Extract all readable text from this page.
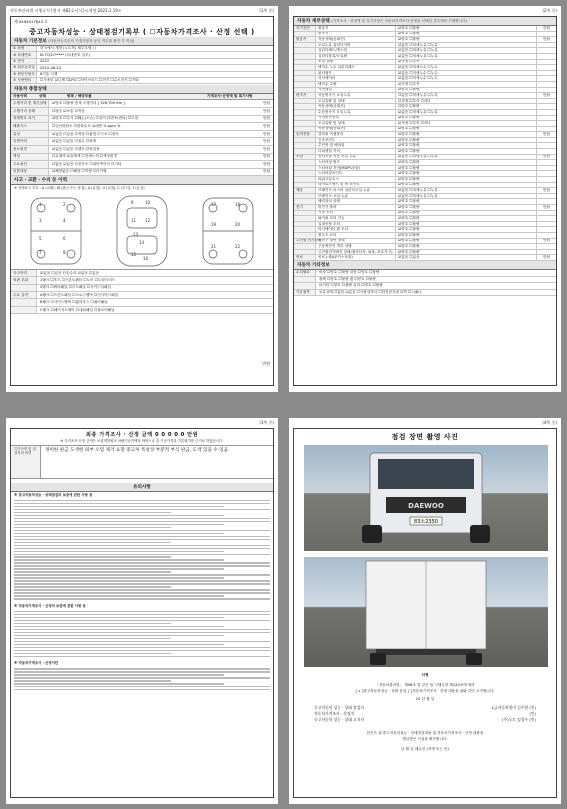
자동차관리법 시행규칙 [별지 제82호서식] <개정 2021.1.19>	(1쪽 중)
제 9494917843 호
중고자동차성능 · 상태점검기록부 ( ☐자동차가격조사 · 산정 선택 )
자동차 기본정보 (자동차등록증의 기재사항과 동일 여부를 확인 후 작성)
① 차명	한국에서 개발 (노트북) 세부모델 ( )
③ 차대번호	KL7CJ2C***** (차대번호 일부)
④ 연식	2012
⑤ 최초등록일	2012-08-23
⑥ 원동기형식	6기통 디젤
⑦ 사용연료	☐가솔린 ☑디젤 ☐LPG ☐하이브리드 ☐전기 ☐수소전기 ☐기타
자동차 종합상태
사용이력	상태	항목 / 해당부품	가격조사·산정액 및 특기사항
주행거리 및 계기상태	☑양호 ☐불량 현재 주행거리 [ 326,700 Km ]	만원
주행거리 상태	☐많음 ☑보통 ☐적음	만원
차대번호 표기	☑양호 ☐부식 ☐훼손(오손) ☐상이 ☐변조(변타) ☐도말	만원
배출가스	☐일산화탄소 ☐탄화수소 ☑매연 % ppm %	만원
튜닝	☑없음 ☐있음 ☐적법 ☐불법 ☐구조 ☐장치	만원
특별이력	☑없음 ☐있음 ☐침수 ☐화재	만원
용도변경	☑없음 ☐있음 ☐렌트 ☐영업용	만원
색상	☐무채색 ☑유채색 ☐전체도색 ☐색상변경	만원
주요옵션	☐없음 ☑있음 ☐선루프 ☐내비게이션 ☐기타	만원
리콜대상	☑해당없음 ☐해당 ☐이행 ☐미이행	만원
사고 · 교환 · 수리 등 이력
※ 상태표시 부호 : X (교환), W (판금 또는 용접), A (흠집), U (요철), C (부식), T (손상)
1	2
3	4
5	6
7	8
9	10
11 12
13
14
15
16
17	18
19	20
21	22
사고이력	☑없음 ☐있음 단순수리 ☑없음 ☐있음
외판 부위	1랭크 ☐후드 ☐프론트펜더 ☐도어 ☐트렁크리드
2랭크 ☐쿼터패널 ☐루프패널 ☐사이드실패널
주요 골격	A랭크 ☐프론트패널 ☐크로스멤버 ☐인사이드패널
B랭크 ☐사이드멤버 ☐휠하우스 ☐필러패널
C랭크 ☐패키지트레이 ☐대쉬패널 ☐플로어패널
만원
(2쪽 중)
자동차 세부상태 (가격조사 · 산정액 및 특기사항은 자동차가격조사·산정을 선택한 경우에만 기재합니다)
자기진단	원동기	☑양호 ☐불량	만원
변속기	☑양호 ☐불량
원동기	작동상태(공회전)	☑양호 ☐불량	만원
오일누유 실린더커버	☑없음 ☐미세누유 ☐누유
실린더헤드/개스킷	☑없음 ☐미세누유 ☐누유
실린더블록/오일팬	☑없음 ☐미세누유 ☐누유
오일 유량	☑적정 ☐부족
냉각수 누수 실린더헤드	☑없음 ☐미세누수 ☐누수
워터펌프	☑없음 ☐미세누수 ☐누수
라디에이터	☑없음 ☐미세누수 ☐누수
냉각수 수량	☑적정 ☐부족
커먼레일	☑양호 ☐불량
변속기	자동변속기 오일누유	☐없음 ☐미세누유 ☐누유	만원
오일유량 및 상태	☐적정 ☐부족 ☐과다
작동상태(공회전)	☐양호 ☐불량
수동변속기 오일누유	☑없음 ☐미세누유 ☐누유
기어변속장치	☑양호 ☐불량
오일유량 및 상태	☑적정 ☐부족 ☐과다
작동상태(공회전)	☑양호 ☐불량
동력전달	클러치 어셈블리	☑양호 ☐불량	만원
등속조인트	☑양호 ☐불량
추진축 및 베어링	☑양호 ☐불량
디퍼렌셜 기어	☑양호 ☐불량
조향	동력조향 작동 오일 누유	☑없음 ☐미세누유 ☐누유	만원
스티어링 펌프	☑양호 ☐불량
스티어링 기어(MDPS포함)	☑양호 ☐불량
스티어링조인트	☑양호 ☐불량
파워고압호스	☑양호 ☐불량
타이로드엔드 및 볼 조인트	☑양호 ☐불량
제동	브레이크 마스터 실린더오일 누유	☑없음 ☐미세누유 ☐누유	만원
브레이크 오일 누유	☑없음 ☐미세누유 ☐누유
배력장치 상태	☑양호 ☐불량
전기	발전기 출력	☑양호 ☐불량	만원
시동 모터	☑양호 ☐불량
와이퍼 모터 기능	☑양호 ☐불량
실내송풍 모터	☑양호 ☐불량
라디에이터 팬 모터	☑양호 ☐불량
윈도우 모터	☑양호 ☐불량
고전원 전기장치
충전구 절연 상태	☑양호 ☐불량	만원
구동축전지 격리 상태	☑양호 ☐불량
고전원전기배선 상태(접속단자, 피복, 보호기구)	☑양호 ☐불량
연료	연료누출(LP가스포함)	☑없음 ☐있음	만원
자동차 기타정보
수리필요	외장 ☐양호 ☐불량 내장 ☐양호 ☐불량
광택 ☐양호 ☐불량 휠 ☐양호 ☐불량
타이어 ☐양호 ☐불량 유리 ☐양호 ☐불량
기본품목	보유상태 ☐없음 ☑있음 ☐사용설명서 ☐안전삼각대 ☐잭 ☐스패너
(3쪽 중)
최종 가격조사 · 산정 금액 0 0 0 0 0 만원
※ 가격조사·산정 금액은 보험개발원의 차량기준가액을 바탕으로 한 기준가격과 기본평가를 근거로 하였습니다.
특기사항 및 점검자의 의견
경미한 판금 도색한 외부 오염 제거 요망 중고차 특성상 부분적 부식 판금, 도색 있을 수 있음
유의사항
※ 중고자동차성능 · 상태점검의 보증에 관한 사항 등
※ 자동차가격조사 · 산정의 보증에 관한 사항 등
※ 자동차가격조사 · 산정이란
(4쪽 중)
점검 장면 촬영 사진
DAEWOO
83소2350
서명
「자동차관리법」 제58조 및 같은 법 시행규칙 제120조에 따라
[ ∨ ]중고자동차성능 · 상태 점검, [ ]자동차가격조사 · 산정 내용을 위와 같이 고지합니다.
20 년 월 일
중고자동차 성능 · 상태 점검자	1급자동차정비 김주원 (인)
자동차가격조사 · 산정자	(인)
중고자동차 성능 · 상태 고지자	(주)오토 임창우 (인)
본인은 위 중고자동차성능 · 상태점검내용 및 자동차가격조사 · 산정 내용을
발급받은 사실을 확인합니다.
년 월 일 매수인 (서명 또는 인)
